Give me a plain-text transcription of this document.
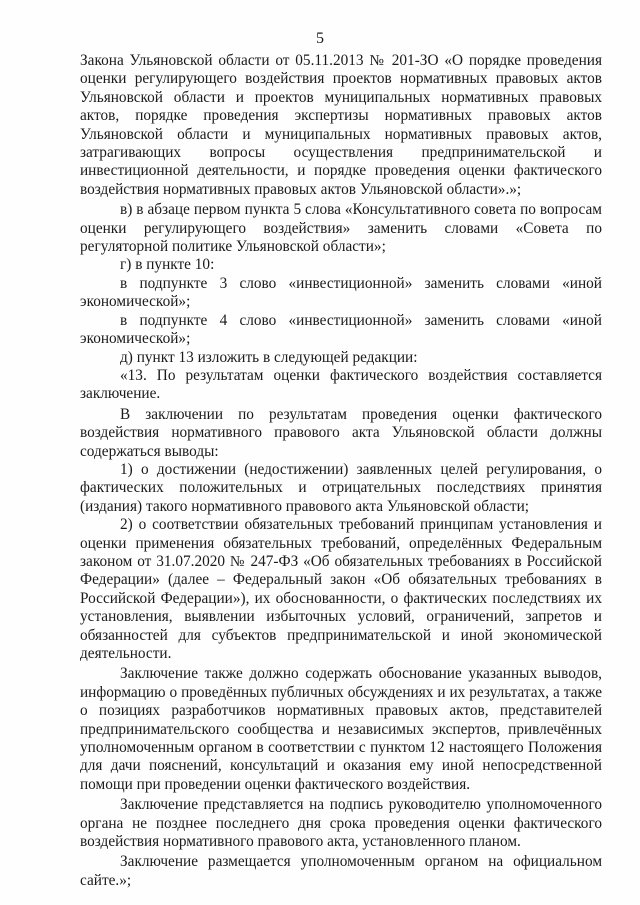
5

Закона Ульяновской области от 05.11.2013 № 201-ЗО «О порядке проведения оценки регулирующего воздействия проектов нормативных правовых актов Ульяновской области и проектов муниципальных нормативных правовых актов, порядке проведения экспертизы нормативных правовых актов Ульяновской области и муниципальных нормативных правовых актов, затрагивающих вопросы осуществления предпринимательской и инвестиционной деятельности, и порядке проведения оценки фактического воздействия нормативных правовых актов Ульяновской области».»;

в) в абзаце первом пункта 5 слова «Консультативного совета по вопросам оценки регулирующего воздействия» заменить словами «Совета по регуляторной политике Ульяновской области»;

г) в пункте 10:

в подпункте 3 слово «инвестиционной» заменить словами «иной экономической»;

в подпункте 4 слово «инвестиционной» заменить словами «иной экономической»;

д) пункт 13 изложить в следующей редакции:

«13. По результатам оценки фактического воздействия составляется заключение.

В заключении по результатам проведения оценки фактического воздействия нормативного правового акта Ульяновской области должны содержаться выводы:

1) о достижении (недостижении) заявленных целей регулирования, о фактических положительных и отрицательных последствиях принятия (издания) такого нормативного правового акта Ульяновской области;

2) о соответствии обязательных требований принципам установления и оценки применения обязательных требований, определённых Федеральным законом от 31.07.2020 № 247-ФЗ «Об обязательных требованиях в Российской Федерации» (далее – Федеральный закон «Об обязательных требованиях в Российской Федерации»), их обоснованности, о фактических последствиях их установления, выявлении избыточных условий, ограничений, запретов и обязанностей для субъектов предпринимательской и иной экономической деятельности.

Заключение также должно содержать обоснование указанных выводов, информацию о проведённых публичных обсуждениях и их результатах, а также о позициях разработчиков нормативных правовых актов, представителей предпринимательского сообщества и независимых экспертов, привлечённых уполномоченным органом в соответствии с пунктом 12 настоящего Положения для дачи пояснений, консультаций и оказания ему иной непосредственной помощи при проведении оценки фактического воздействия.

Заключение представляется на подпись руководителю уполномоченного органа не позднее последнего дня срока проведения оценки фактического воздействия нормативного правового акта, установленного планом.

Заключение размещается уполномоченным органом на официальном сайте.»;
